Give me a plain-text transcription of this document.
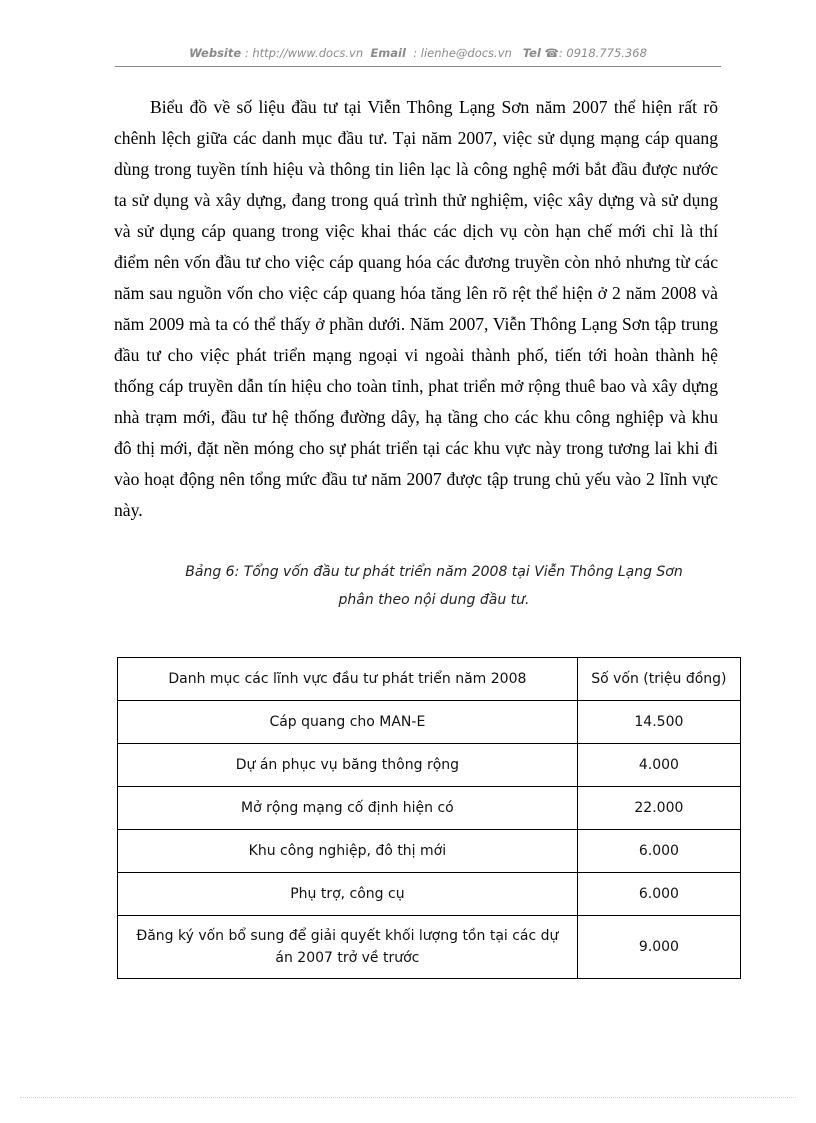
Website : http://www.docs.vn Email : lienhe@docs.vn Tel ☎: 0918.775.368

Biểu đồ về số liệu đầu tư tại Viễn Thông Lạng Sơn năm 2007 thể hiện rất rõ chênh lệch giữa các danh mục đầu tư. Tại năm 2007, việc sử dụng mạng cáp quang dùng trong tuyền tính hiệu và thông tin liên lạc là công nghệ mới bắt đầu được nước ta sử dụng và xây dựng, đang trong quá trình thử nghiệm, việc xây dựng và sử dụng và sử dụng cáp quang trong việc khai thác các dịch vụ còn hạn chế mới chỉ là thí điểm nên vốn đầu tư cho việc cáp quang hóa các đương truyền còn nhỏ nhưng từ các năm sau nguồn vốn cho việc cáp quang hóa tăng lên rõ rệt thể hiện ở 2 năm 2008 và năm 2009 mà ta có thể thấy ở phần dưới. Năm 2007, Viễn Thông Lạng Sơn tập trung đầu tư cho việc phát triển mạng ngoại vi ngoài thành phố, tiến tới hoàn thành hệ thống cáp truyền dẫn tín hiệu cho toàn tỉnh, phat triển mở rộng thuê bao và xây dựng nhà trạm mới, đầu tư hệ thống đường dây, hạ tầng cho các khu công nghiệp và khu đô thị mới, đặt nền móng cho sự phát triển tại các khu vực này trong tương lai khi đi vào hoạt động nên tổng mức đầu tư năm 2007 được tập trung chủ yếu vào 2 lĩnh vực này.

Bảng 6: Tổng vốn đầu tư phát triển năm 2008 tại Viễn Thông Lạng Sơn
phân theo nội dung đầu tư.
Danh mục các lĩnh vực đầu tư phát triển năm 2008	Số vốn (triệu đồng)
Cáp quang cho MAN-E	14.500
Dự án phục vụ băng thông rộng	4.000
Mở rộng mạng cố định hiện có	22.000
Khu công nghiệp, đô thị mới	6.000
Phụ trợ, công cụ	6.000
Đăng ký vốn bổ sung để giải quyết khối lượng tồn tại các dự án 2007 trở về trước	9.000
